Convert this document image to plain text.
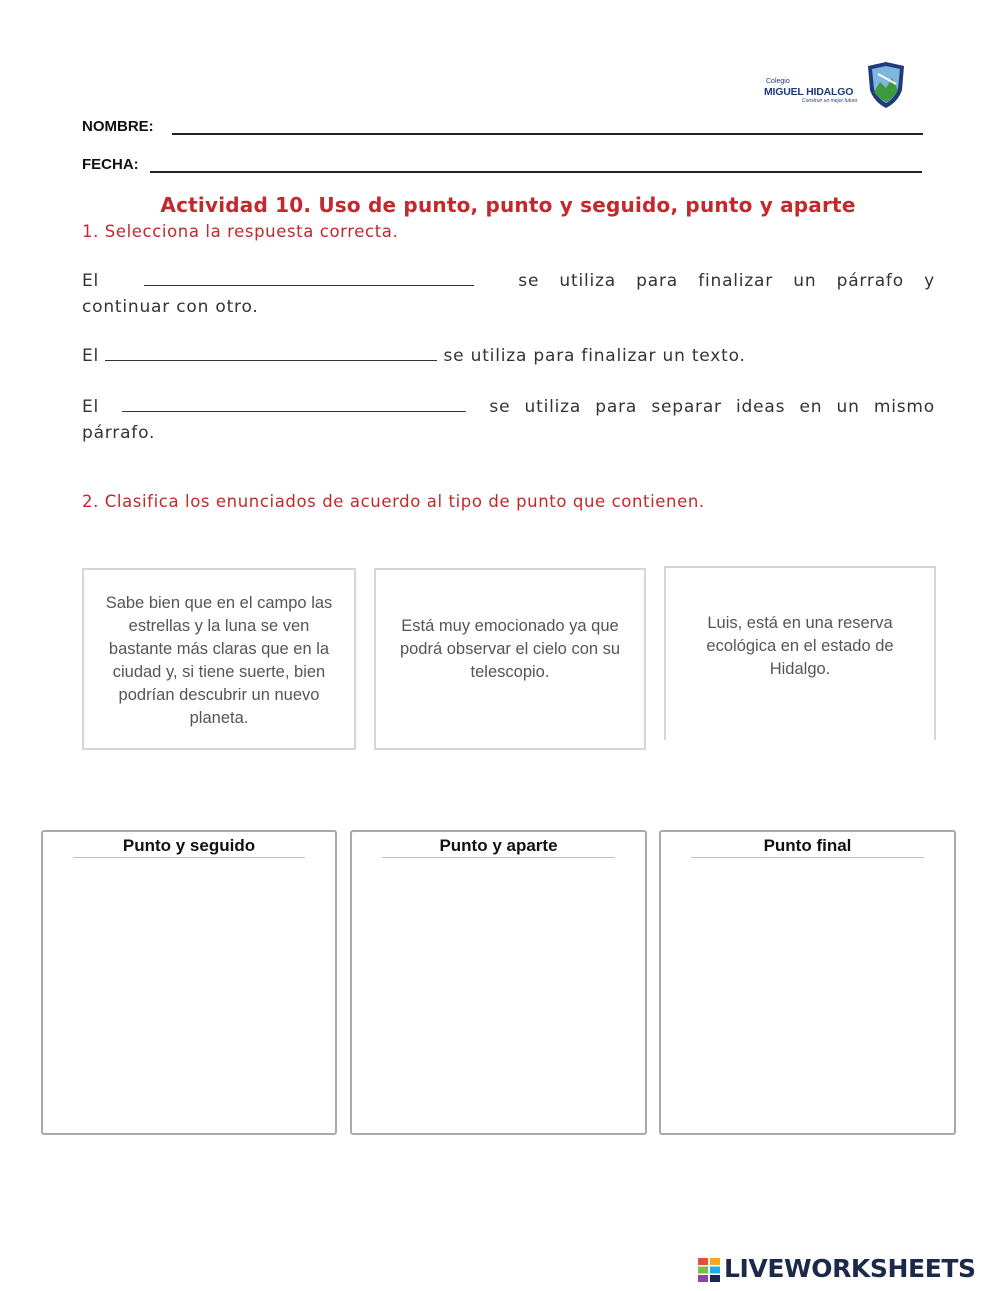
Colegio
MIGUEL HIDALGO
Construir un mejor futuro
NOMBRE:
FECHA:
Actividad 10. Uso de punto, punto y seguido, punto y aparte
1. Selecciona la respuesta correcta.
El	se utiliza para finalizar un párrafo y
continuar con otro.
El	se utiliza para finalizar un texto.
El	se utiliza para separar ideas en un mismo
párrafo.
2. Clasifica los enunciados de acuerdo al tipo de punto que contienen.
Sabe bien que en el campo las
estrellas y la luna se ven
bastante más claras que en la
ciudad y, si tiene suerte, bien
podrían descubrir un nuevo
planeta.
Está muy emocionado ya que
podrá observar el cielo con su
telescopio.
Luis, está en una reserva
ecológica en el estado de
Hidalgo.
Punto y seguido	Punto y aparte	Punto final
LIVEWORKSHEETS
